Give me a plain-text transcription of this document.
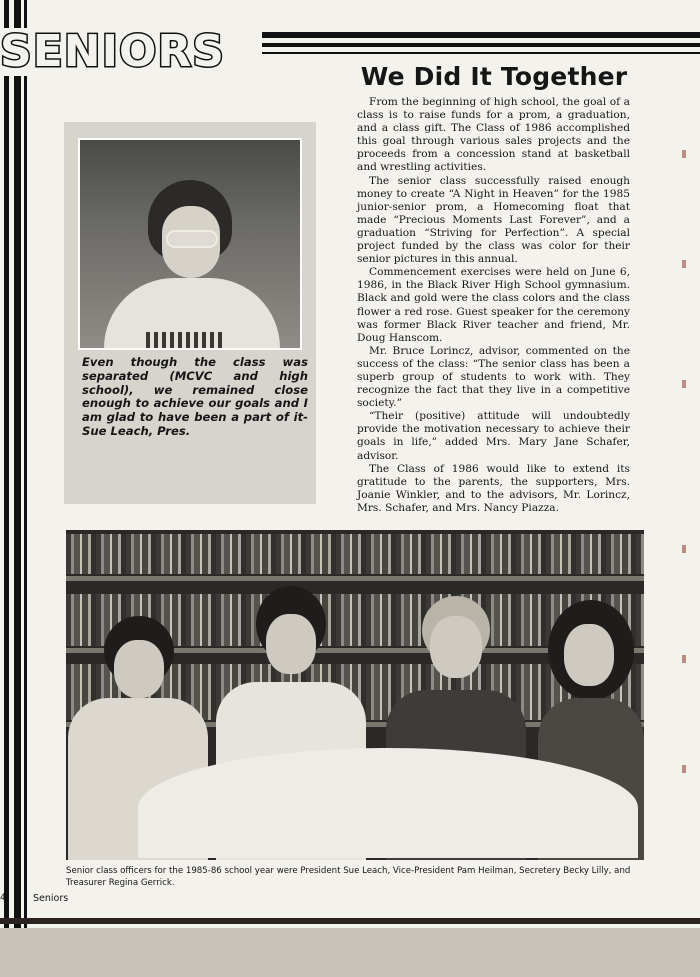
SENIORS	We Did It Together

From the beginning of high school, the goal of a class is to raise funds for a prom, a graduation, and a class gift. The Class of 1986 accomplished this goal through various sales projects and the proceeds from a concession stand at basketball and wrestling activities.

The senior class successfully raised enough money to create “A Night in Heaven” for the 1985 junior-senior prom, a Homecoming float that made “Precious Moments Last Forever”, and a graduation “Striving for Perfection”. A special project funded by the class was color for their senior pictures in this annual.

Commencement exercises were held on June 6, 1986, in the Black River High School gymnasium. Black and gold were the class colors and the class flower a red rose. Guest speaker for the ceremony was former Black River teacher and friend, Mr. Doug Hanscom.

Mr. Bruce Lorincz, advisor, commented on the success of the class: “The senior class has been a superb group of students to work with. They recognize the fact that they live in a competitive society.”

“Their (positive) attitude will undoubtedly provide the motivation necessary to achieve their goals in life,” added Mrs. Mary Jane Schafer, advisor.

The Class of 1986 would like to extend its gratitude to the parents, the supporters, Mrs. Joanie Winkler, and to the advisors, Mr. Lorincz, Mrs. Schafer, and Mrs. Nancy Piazza.

Even though the class was separated (MCVC and high school), we remained close enough to achieve our goals and I am glad to have been a part of it- Sue Leach, Pres.

Senior class officers for the 1985-86 school year were President Sue Leach, Vice-President Pam Heilman, Secretery Becky Lilly, and Treasurer Regina Gerrick.

4	Seniors
